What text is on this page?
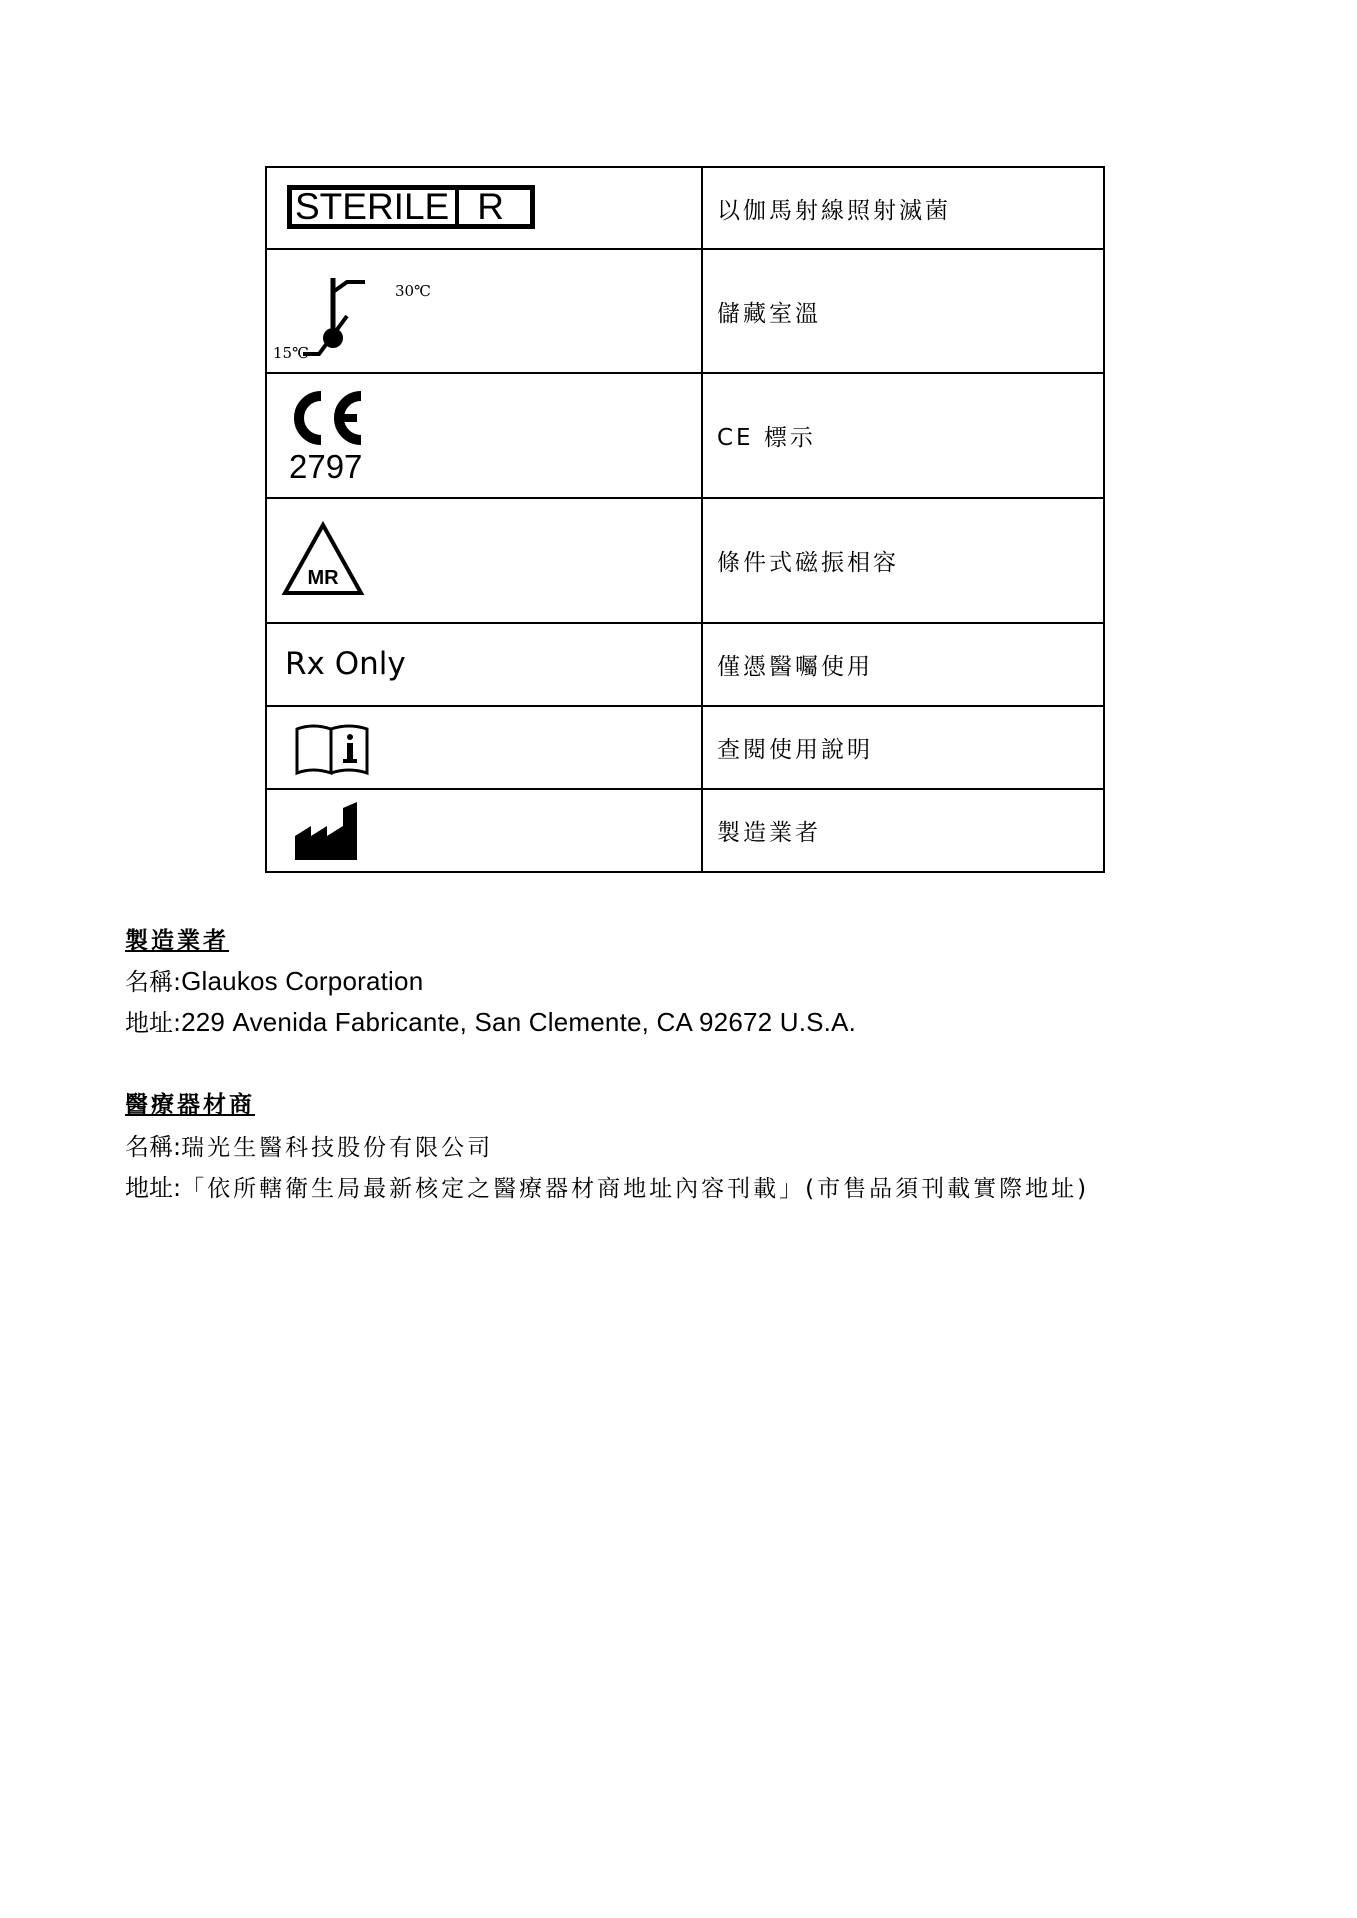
STERILE R	以伽馬射線照射滅菌

30℃
15℃	儲藏室溫

2797	CE 標示

MR	條件式磁振相容

Rx Only	僅憑醫囑使用

	查閱使用說明

	製造業者
製造業者
名稱:Glaukos Corporation
地址:229 Avenida Fabricante, San Clemente, CA 92672 U.S.A.
醫療器材商
名稱:瑞光生醫科技股份有限公司
地址:「依所轄衛生局最新核定之醫療器材商地址內容刊載」(市售品須刊載實際地址)
